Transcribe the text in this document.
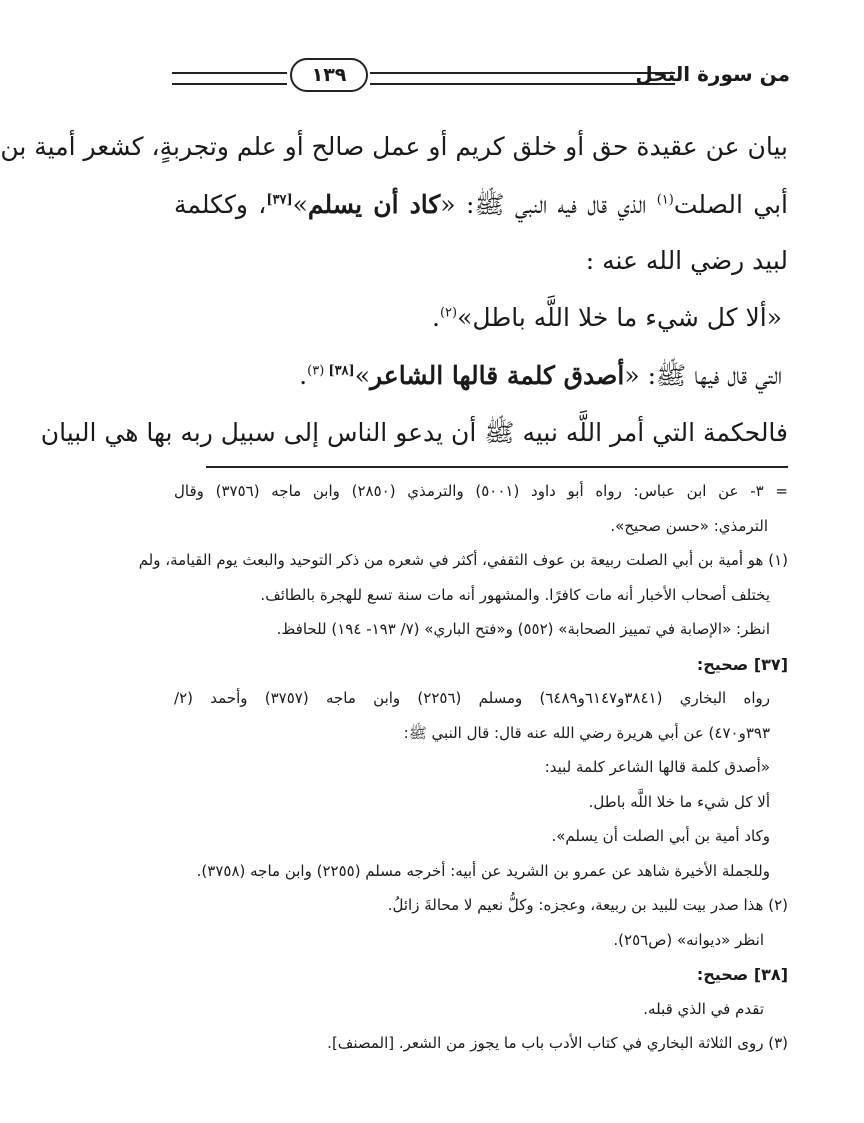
١٣٩	من سورة النحل
بيان عن عقيدة حق أو خلق كريم أو عمل صالح أو علم وتجربةٍ، كشعر أمية بن
أبي الصلت$^{(١)}$ الذي قال فيه النبي ﷺ: «كاد أن يسلم»[٣٧]، وككلمة
لبيد رضي الله عنه :
«ألا كل شيء ما خلا اللَّه باطل»$^{(٢)}$.
التي قال فيها ﷺ: «أصدق كلمة قالها الشاعر»[٣٨] $^{(٣)}$.
فالحكمة التي أمر اللَّه نبيه ﷺ أن يدعو الناس إلى سبيل ربه بها هي البيان
= ٣- عن ابن عباس: رواه أبو داود (٥٠٠١) والترمذي (٢٨٥٠) وابن ماجه (٣٧٥٦) وقال
الترمذي: «حسن صحيح».
(١) هو أمية بن أبي الصلت ربيعة بن عوف الثقفي، أكثر في شعره من ذكر التوحيد والبعث يوم القيامة، ولم
يختلف أصحاب الأخبار أنه مات كافرًا. والمشهور أنه مات سنة تسع للهجرة بالطائف.
انظر: «الإصابة في تمييز الصحابة» (٥٥٢) و«فتح الباري» (٧/ ١٩٣- ١٩٤) للحافظ.
[٣٧] صحيح:
رواه البخاري (٣٨٤١و٦١٤٧و٦٤٨٩) ومسلم (٢٢٥٦) وابن ماجه (٣٧٥٧) وأحمد (٢/
٣٩٣و٤٧٠) عن أبي هريرة رضي الله عنه قال: قال النبي ﷺ:
«أصدق كلمة قالها الشاعر كلمة لبيد:
ألا كل شيء ما خلا اللَّه باطل.
وكاد أمية بن أبي الصلت أن يسلم».
وللجملة الأخيرة شاهد عن عمرو بن الشريد عن أبيه: أخرجه مسلم (٢٢٥٥) وابن ماجه (٣٧٥٨).
(٢) هذا صدر بيت للبيد بن ربيعة، وعجزه: وكلُّ نعيم لا محالةَ زائلُ.
انظر «ديوانه» (ص٢٥٦).
[٣٨] صحيح:
تقدم في الذي قبله.
(٣) روى الثلاثة البخاري في كتاب الأدب باب ما يجوز من الشعر. [المصنف].
